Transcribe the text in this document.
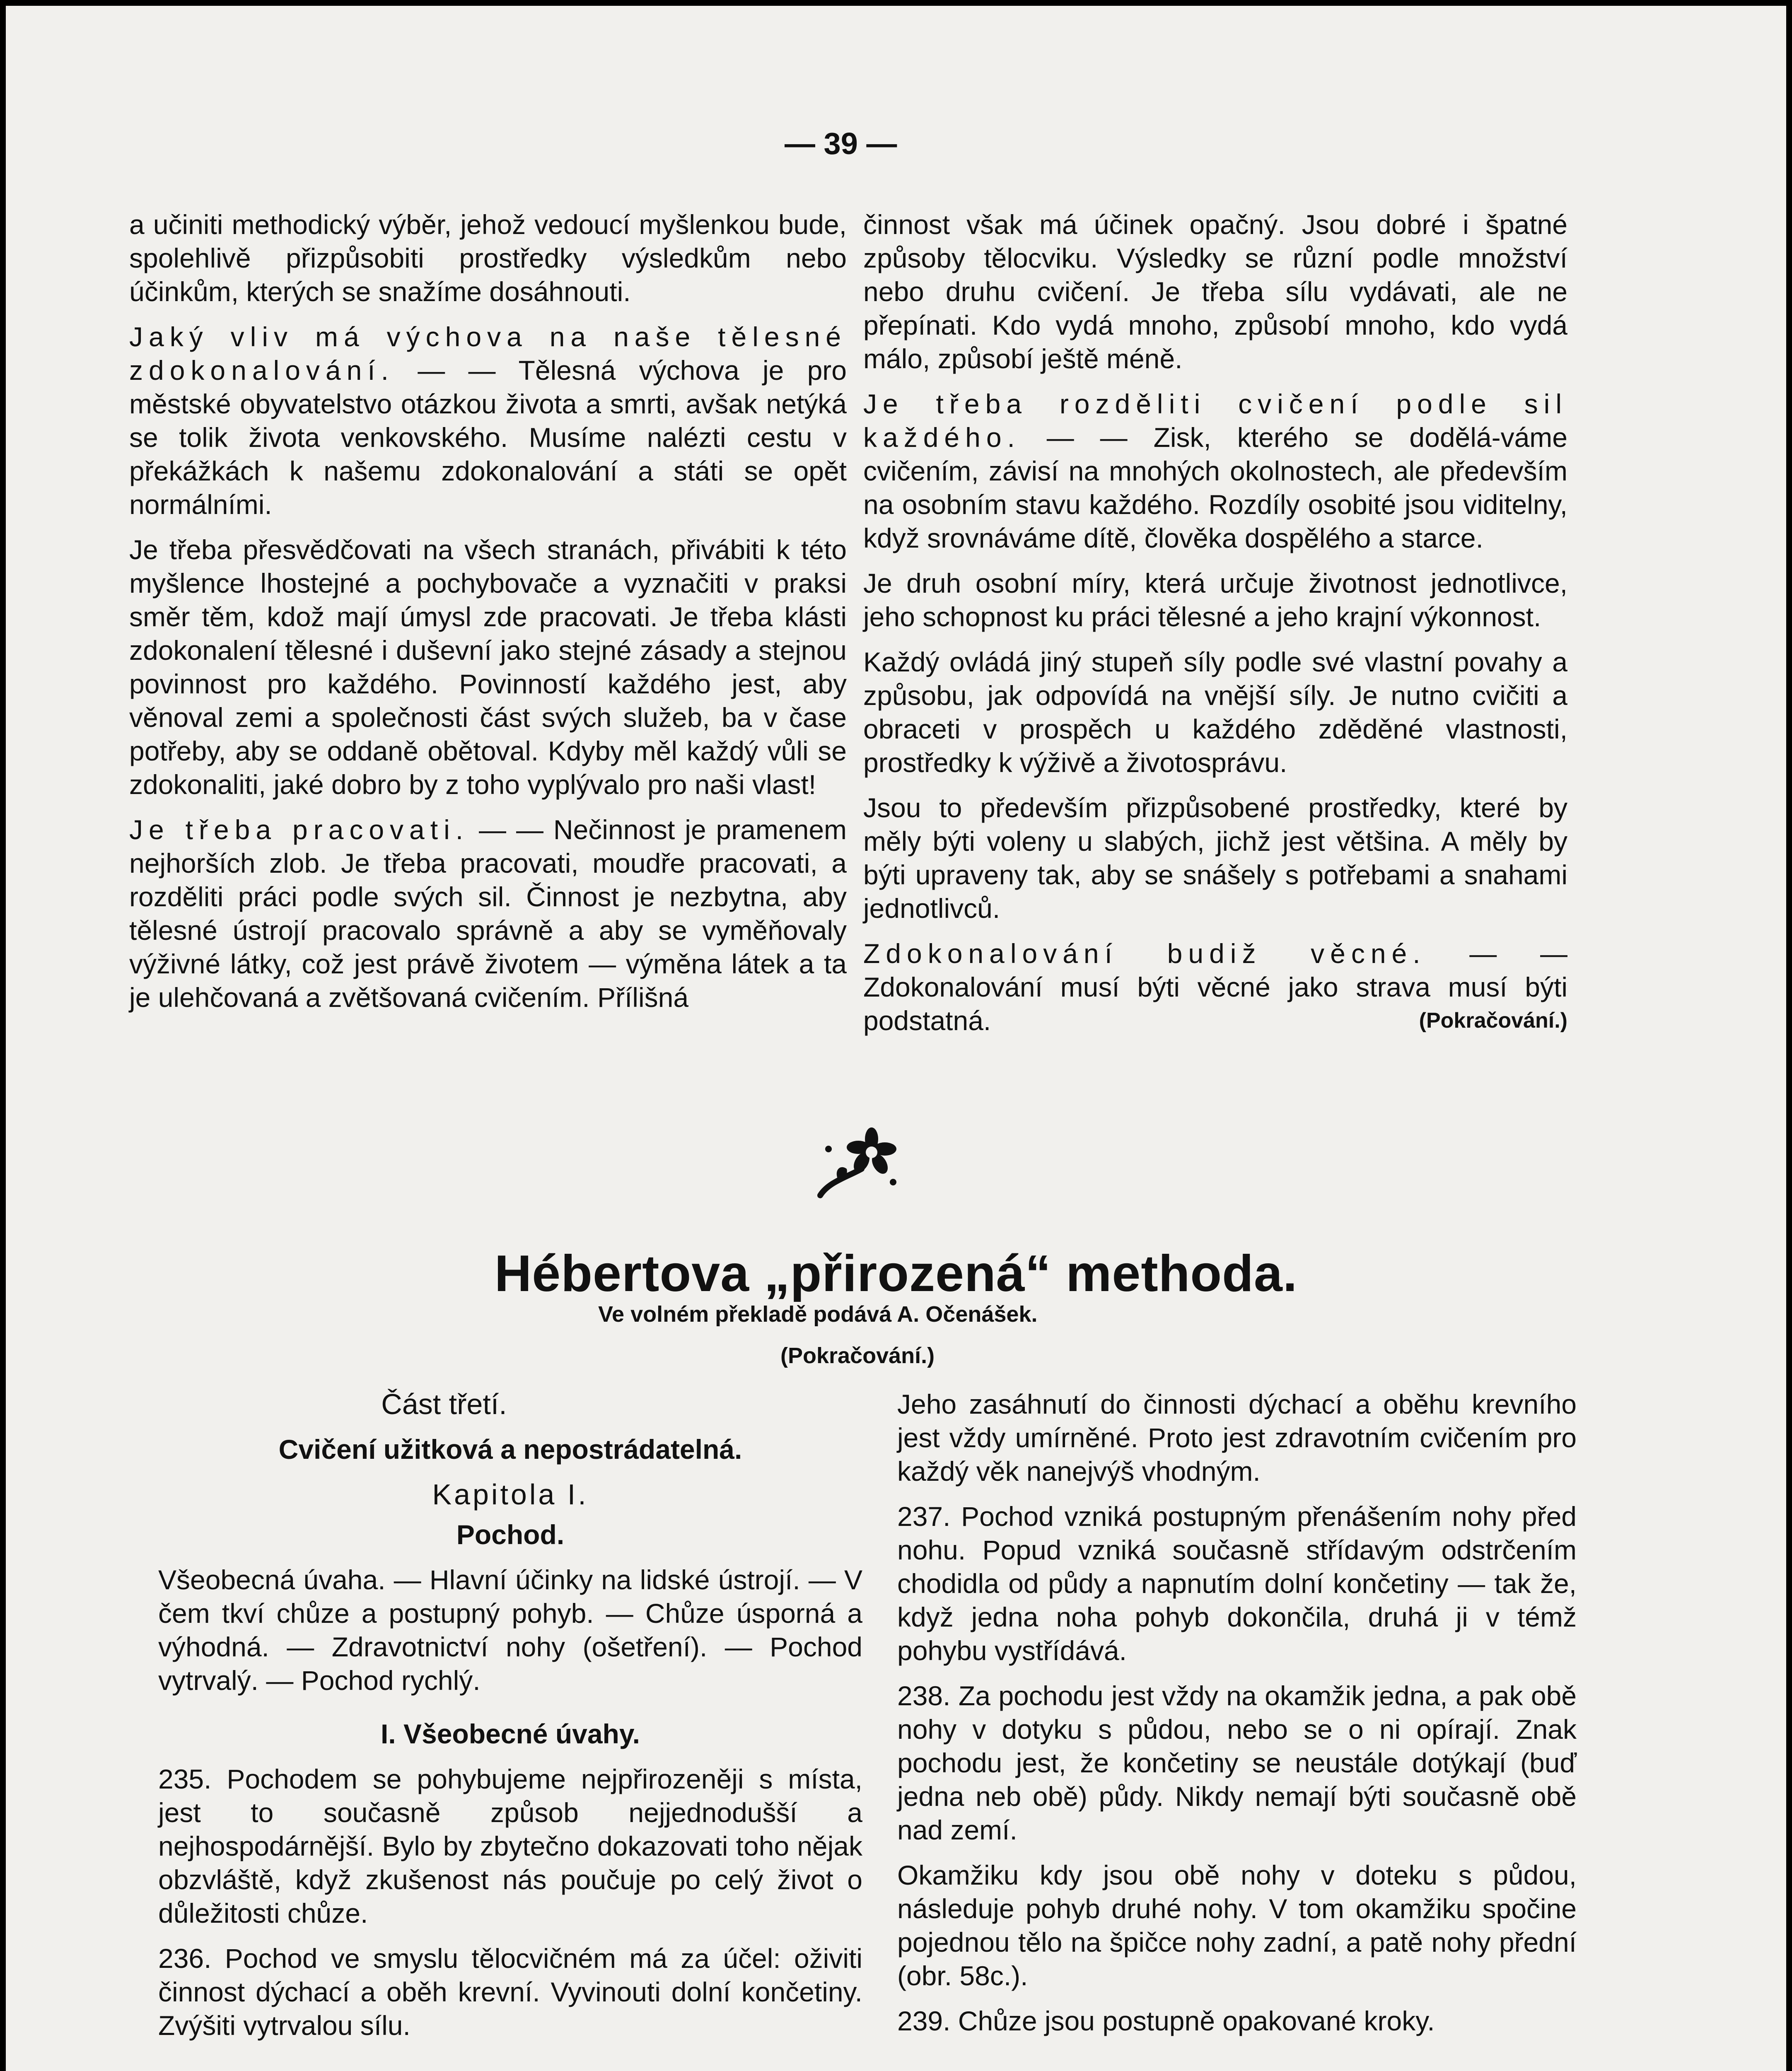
— 39 —

a učiniti methodický výběr, jehož vedoucí myšlenkou bude, spolehlivě přizpůsobiti prostředky výsledkům nebo účinkům, kterých se snažíme dosáhnouti.

Jaký vliv má výchova na naše tělesné zdokonalování. — — Tělesná výchova je pro městské obyvatelstvo otázkou života a smrti, avšak netýká se tolik života venkovského. Musíme nalézti cestu v překážkách k našemu zdokonalování a státi se opět normálními.

Je třeba přesvědčovati na všech stranách, přivábiti k této myšlence lhostejné a pochybovače a vyznačiti v praksi směr těm, kdož mají úmysl zde pracovati. Je třeba klásti zdokonalení tělesné i duševní jako stejné zásady a stejnou povinnost pro každého. Povinností každého jest, aby věnoval zemi a společnosti část svých služeb, ba v čase potřeby, aby se oddaně obětoval. Kdyby měl každý vůli se zdokonaliti, jaké dobro by z toho vyplývalo pro naši vlast!

Je třeba pracovati. — — Nečinnost je pramenem nejhorších zlob. Je třeba pracovati, moudře pracovati, a rozděliti práci podle svých sil. Činnost je nezbytna, aby tělesné ústrojí pracovalo správně a aby se vyměňovaly výživné látky, což jest právě životem — výměna látek a ta je ulehčovaná a zvětšovaná cvičením. Přílišná

činnost však má účinek opačný. Jsou dobré i špatné způsoby tělocviku. Výsledky se různí podle množství nebo druhu cvičení. Je třeba sílu vydávati, ale ne přepínati. Kdo vydá mnoho, způsobí mnoho, kdo vydá málo, způsobí ještě méně.

Je třeba rozděliti cvičení podle sil každého. — — Zisk, kterého se dodělá-váme cvičením, závisí na mnohých okolnostech, ale především na osobním stavu každého. Rozdíly osobité jsou viditelny, když srovnáváme dítě, člověka dospělého a starce.

Je druh osobní míry, která určuje životnost jednotlivce, jeho schopnost ku práci tělesné a jeho krajní výkonnost.

Každý ovládá jiný stupeň síly podle své vlastní povahy a způsobu, jak odpovídá na vnější síly. Je nutno cvičiti a obraceti v prospěch u každého zděděné vlastnosti, prostředky k výživě a životosprávu.

Jsou to především přizpůsobené prostředky, které by měly býti voleny u slabých, jichž jest většina. A měly by býti upraveny tak, aby se snášely s potřebami a snahami jednotlivců.

Zdokonalování budiž věcné. — — Zdokonalování musí býti věcné jako strava musí býti podstatná.	(Pokračování.)

Hébertova „přirozená“ methoda.
Ve volném překladě podává A. Očenášek.
(Pokračování.)

Část třetí.

Cvičení užitková a nepostrádatelná.

Kapitola I.

Pochod.

Všeobecná úvaha. — Hlavní účinky na lidské ústrojí. — V čem tkví chůze a postupný pohyb. — Chůze úsporná a výhodná. — Zdravotnictví nohy (ošetření). — Pochod vytrvalý. — Pochod rychlý.

I. Všeobecné úvahy.

235. Pochodem se pohybujeme nejpřirozeněji s místa, jest to současně způsob nejjednodušší a nejhospodárnější. Bylo by zbytečno dokazovati toho nějak obzvláště, když zkušenost nás poučuje po celý život o důležitosti chůze.

236. Pochod ve smyslu tělocvičném má za účel: oživiti činnost dýchací a oběh krevní. Vyvinouti dolní končetiny. Zvýšiti vytrvalou sílu.

Jeho zasáhnutí do činnosti dýchací a oběhu krevního jest vždy umírněné. Proto jest zdravotním cvičením pro každý věk nanejvýš vhodným.

237. Pochod vzniká postupným přenášením nohy před nohu. Popud vzniká současně střídavým odstrčením chodidla od půdy a napnutím dolní končetiny — tak že, když jedna noha pohyb dokončila, druhá ji v témž pohybu vystřídává.

238. Za pochodu jest vždy na okamžik jedna, a pak obě nohy v dotyku s půdou, nebo se o ni opírají. Znak pochodu jest, že končetiny se neustále dotýkají (buď jedna neb obě) půdy. Nikdy nemají býti současně obě nad zemí.

Okamžiku kdy jsou obě nohy v doteku s půdou, následuje pohyb druhé nohy. V tom okamžiku spočine pojednou tělo na špičce nohy zadní, a patě nohy přední (obr. 58c.).

239. Chůze jsou postupně opakované kroky.
